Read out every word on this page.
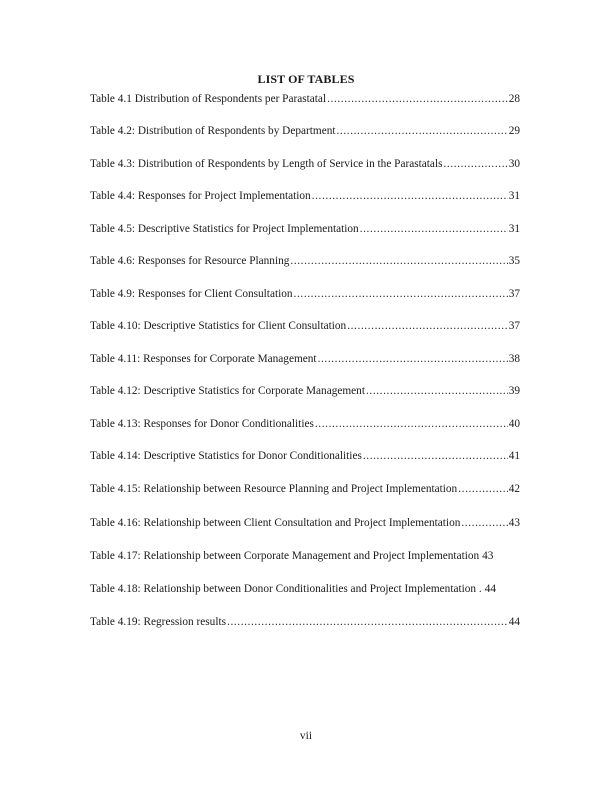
LIST OF TABLES
Table 4.1 Distribution of Respondents per Parastatal .....	28
Table 4.2: Distribution of Respondents by Department .....	29
Table 4.3: Distribution of Respondents by Length of Service in the Parastatals .....	30
Table 4.4: Responses for Project Implementation .....	31
Table 4.5: Descriptive Statistics for Project Implementation .....	31
Table 4.6: Responses for Resource Planning .....	35
Table 4.9: Responses for Client Consultation .....	37
Table 4.10: Descriptive Statistics for Client Consultation .....	37
Table 4.11: Responses for Corporate Management .....	38
Table 4.12: Descriptive Statistics for Corporate Management .....	39
Table 4.13: Responses for Donor Conditionalities .....	40
Table 4.14: Descriptive Statistics for Donor Conditionalities .....	41
Table 4.15: Relationship between Resource Planning and Project Implementation .....	42
Table 4.16: Relationship between Client Consultation and Project Implementation .....	43
Table 4.17: Relationship between Corporate Management and Project Implementation 43
Table 4.18: Relationship between Donor Conditionalities and Project Implementation . 44
Table 4.19: Regression results .....	44
vii
